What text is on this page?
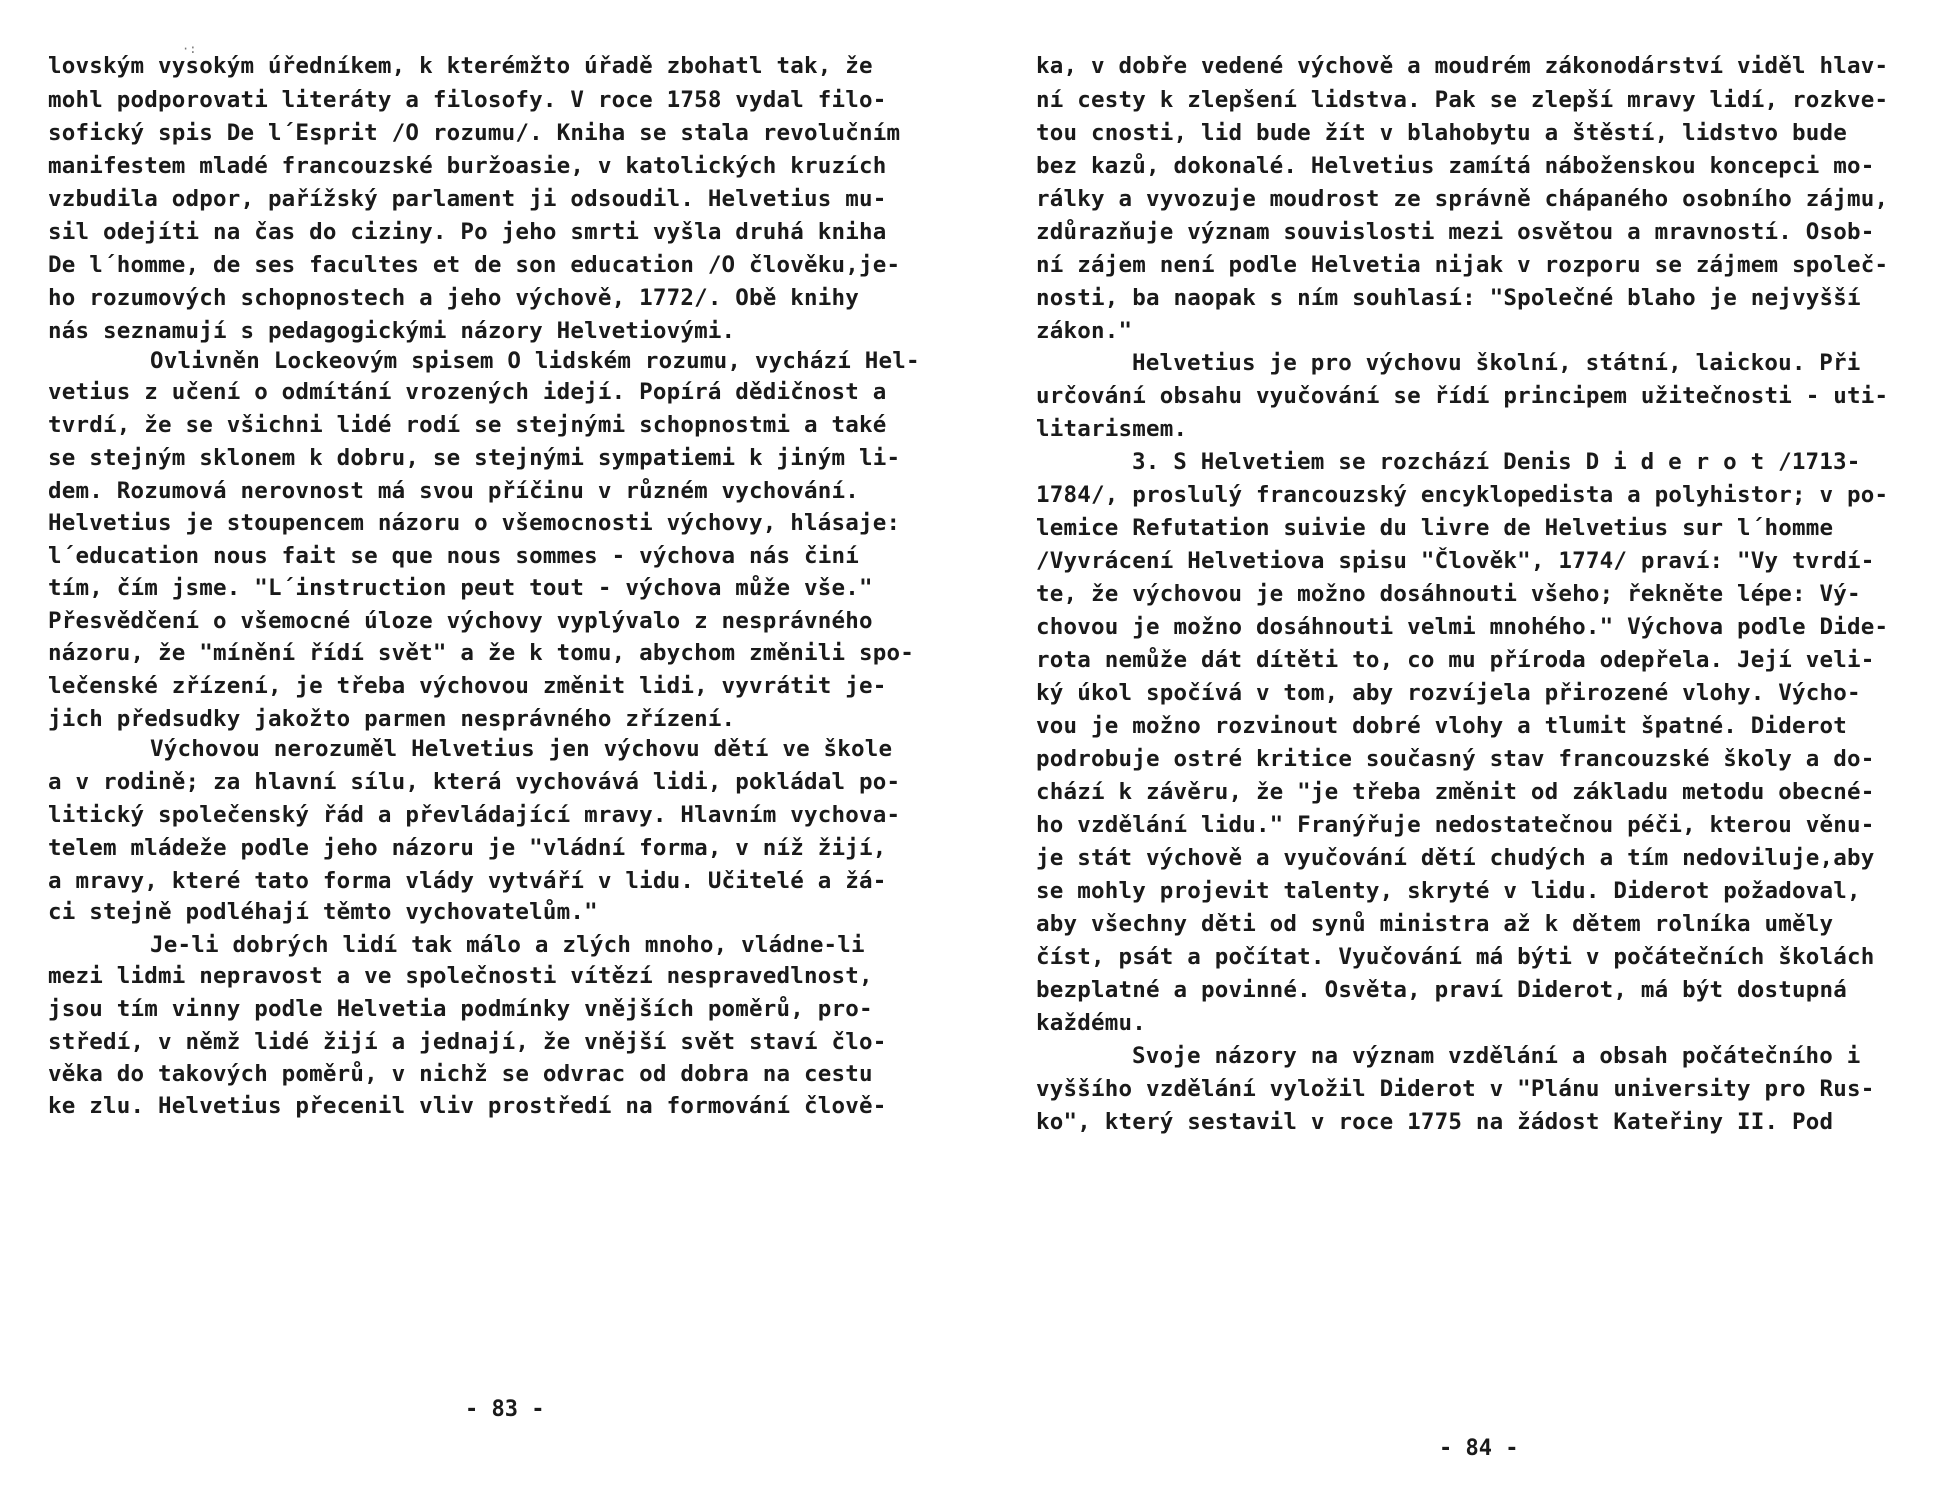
·:
lovským vysokým úředníkem, k kterémžto úřadě zbohatl tak, že
mohl podporovati literáty a filosofy. V roce 1758 vydal filo-
sofický spis De l´Esprit /O rozumu/. Kniha se stala revolučním
manifestem mladé francouzské buržoasie, v katolických kruzích
vzbudila odpor, pařížský parlament ji odsoudil. Helvetius mu-
sil odejíti na čas do ciziny. Po jeho smrti vyšla druhá kniha
De l´homme, de ses facultes et de son education /O člověku,je-
ho rozumových schopnostech a jeho výchově, 1772/. Obě knihy
nás seznamují s pedagogickými názory Helvetiovými.
Ovlivněn Lockeovým spisem O lidském rozumu, vychází Hel-
vetius z učení o odmítání vrozených idejí. Popírá dědičnost a
tvrdí, že se všichni lidé rodí se stejnými schopnostmi a také
se stejným sklonem k dobru, se stejnými sympatiemi k jiným li-
dem. Rozumová nerovnost má svou příčinu v různém vychování.
Helvetius je stoupencem názoru o všemocnosti výchovy, hlásaje:
l´education nous fait se que nous sommes - výchova nás činí
tím, čím jsme. "L´instruction peut tout - výchova může vše."
Přesvědčení o všemocné úloze výchovy vyplývalo z nesprávného
názoru, že "mínění řídí svět" a že k tomu, abychom změnili spo-
lečenské zřízení, je třeba výchovou změnit lidi, vyvrátit je-
jich předsudky jakožto parmen nesprávného zřízení.
Výchovou nerozuměl Helvetius jen výchovu dětí ve škole
a v rodině; za hlavní sílu, která vychovává lidi, pokládal po-
litický společenský řád a převládající mravy. Hlavním vychova-
telem mládeže podle jeho názoru je "vládní forma, v níž žijí,
a mravy, které tato forma vlády vytváří v lidu. Učitelé a žá-
ci stejně podléhají těmto vychovatelům."
Je-li dobrých lidí tak málo a zlých mnoho, vládne-li
mezi lidmi nepravost a ve společnosti vítězí nespravedlnost,
jsou tím vinny podle Helvetia podmínky vnějších poměrů, pro-
středí, v němž lidé žijí a jednají, že vnější svět staví člo-
věka do takových poměrů, v nichž se odvrac od dobra na cestu
ke zlu. Helvetius přecenil vliv prostředí na formování člově-
- 83 -
ka, v dobře vedené výchově a moudrém zákonodárství viděl hlav-
ní cesty k zlepšení lidstva. Pak se zlepší mravy lidí, rozkve-
tou cnosti, lid bude žít v blahobytu a štěstí, lidstvo bude
bez kazů, dokonalé. Helvetius zamítá náboženskou koncepci mo-
rálky a vyvozuje moudrost ze správně chápaného osobního zájmu,
zdůrazňuje význam souvislosti mezi osvětou a mravností. Osob-
ní zájem není podle Helvetia nijak v rozporu se zájmem společ-
nosti, ba naopak s ním souhlasí: "Společné blaho je nejvyšší
zákon."
Helvetius je pro výchovu školní, státní, laickou. Při
určování obsahu vyučování se řídí principem užitečnosti - uti-
litarismem.
3. S Helvetiem se rozchází Denis D i d e r o t /1713-
1784/, proslulý francouzský encyklopedista a polyhistor; v po-
lemice Refutation suivie du livre de Helvetius sur l´homme
/Vyvrácení Helvetiova spisu "Člověk", 1774/ praví: "Vy tvrdí-
te, že výchovou je možno dosáhnouti všeho; řekněte lépe: Vý-
chovou je možno dosáhnouti velmi mnohého." Výchova podle Dide-
rota nemůže dát dítěti to, co mu příroda odepřela. Její veli-
ký úkol spočívá v tom, aby rozvíjela přirozené vlohy. Výcho-
vou je možno rozvinout dobré vlohy a tlumit špatné. Diderot
podrobuje ostré kritice současný stav francouzské školy a do-
chází k závěru, že "je třeba změnit od základu metodu obecné-
ho vzdělání lidu." Franýřuje nedostatečnou péči, kterou věnu-
je stát výchově a vyučování dětí chudých a tím nedoviluje,aby
se mohly projevit talenty, skryté v lidu. Diderot požadoval,
aby všechny děti od synů ministra až k dětem rolníka uměly
číst, psát a počítat. Vyučování má býti v počátečních školách
bezplatné a povinné. Osvěta, praví Diderot, má být dostupná
každému.
Svoje názory na význam vzdělání a obsah počátečního i
vyššího vzdělání vyložil Diderot v "Plánu university pro Rus-
ko", který sestavil v roce 1775 na žádost Kateřiny II. Pod
- 84 -
